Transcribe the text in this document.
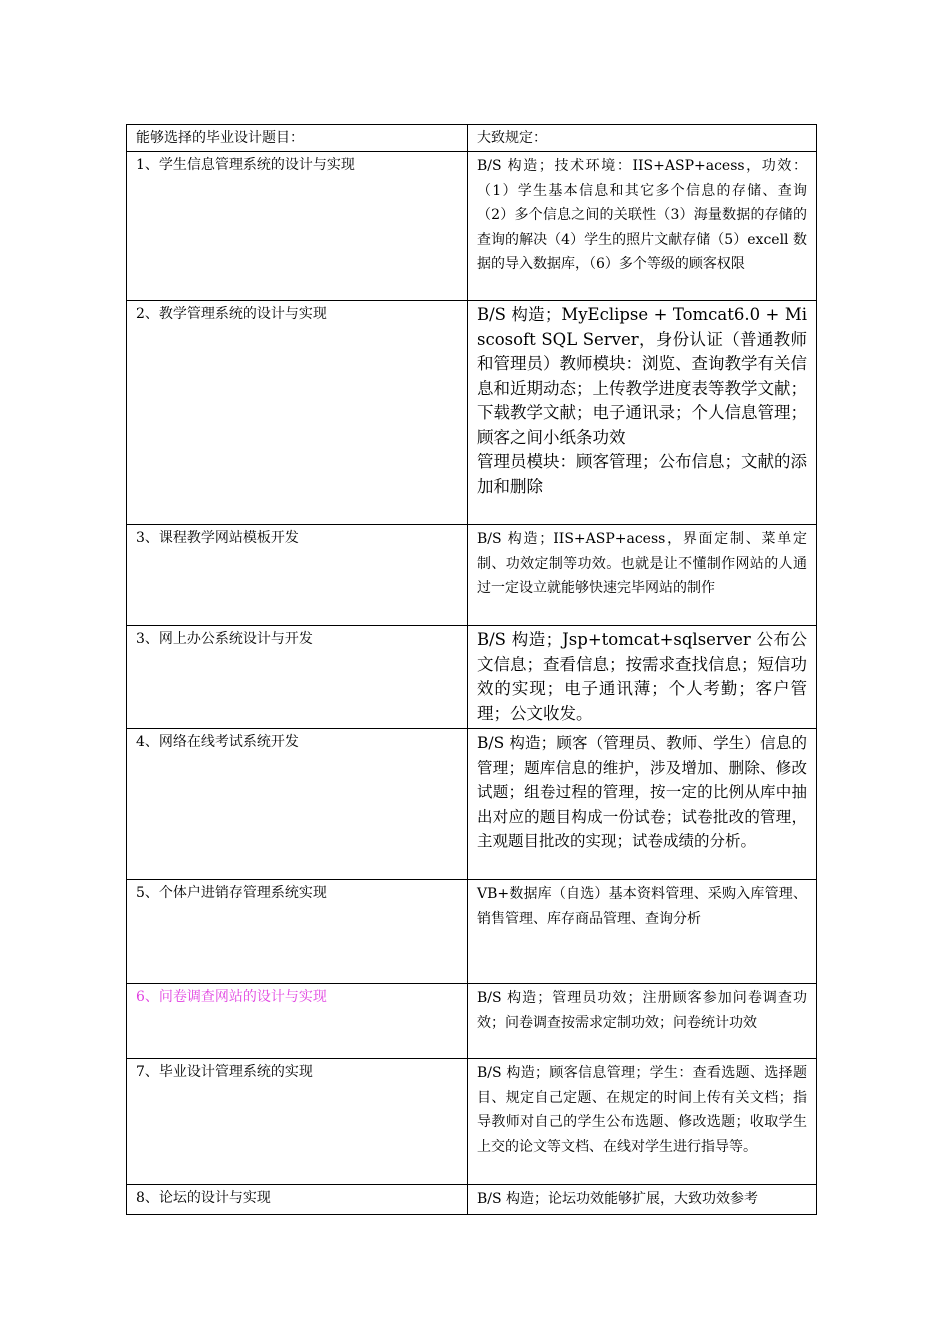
能够选择的毕业设计题目：	大致规定：
1、学生信息管理系统的设计与实现	B/S 构造；技术环境：IIS+ASP+acess，功效：（1）学生基本信息和其它多个信息的存储、查询（2）多个信息之间的关联性（3）海量数据的存储的查询的解决（4）学生的照片文献存储（5）excell 数据的导入数据库，（6）多个等级的顾客权限
2、教学管理系统的设计与实现	B/S 构造；MyEclipse + Tomcat6.0 + Miscosoft SQL Server，身份认证（普通教师和管理员）教师模块：浏览、查询教学有关信息和近期动态；上传教学进度表等教学文献；下载教学文献；电子通讯录；个人信息管理；顾客之间小纸条功效
管理员模块：顾客管理；公布信息；文献的添加和删除

3、课程教学网站模板开发	B/S 构造；IIS+ASP+acess，界面定制、菜单定制、功效定制等功效。也就是让不懂制作网站的人通过一定设立就能够快速完毕网站的制作
3、网上办公系统设计与开发	B/S 构造；Jsp+tomcat+sqlserver 公布公文信息；查看信息；按需求查找信息；短信功效的实现；电子通讯薄；个人考勤；客户管理；公文收发。
4、网络在线考试系统开发	B/S 构造；顾客（管理员、教师、学生）信息的管理；题库信息的维护，涉及增加、删除、修改试题；组卷过程的管理，按一定的比例从库中抽出对应的题目构成一份试卷；试卷批改的管理，主观题目批改的实现；试卷成绩的分析。
5、个体户进销存管理系统实现	VB+数据库（自选）基本资料管理、采购入库管理、销售管理、库存商品管理、查询分析
6、问卷调查网站的设计与实现	B/S 构造；管理员功效；注册顾客参加问卷调查功效；问卷调查按需求定制功效；问卷统计功效
7、毕业设计管理系统的实现	B/S 构造；顾客信息管理；学生：查看选题、选择题目、规定自己定题、在规定的时间上传有关文档；指导教师对自己的学生公布选题、修改选题；收取学生上交的论文等文档、在线对学生进行指导等。
8、论坛的设计与实现	B/S 构造；论坛功效能够扩展，大致功效参考
